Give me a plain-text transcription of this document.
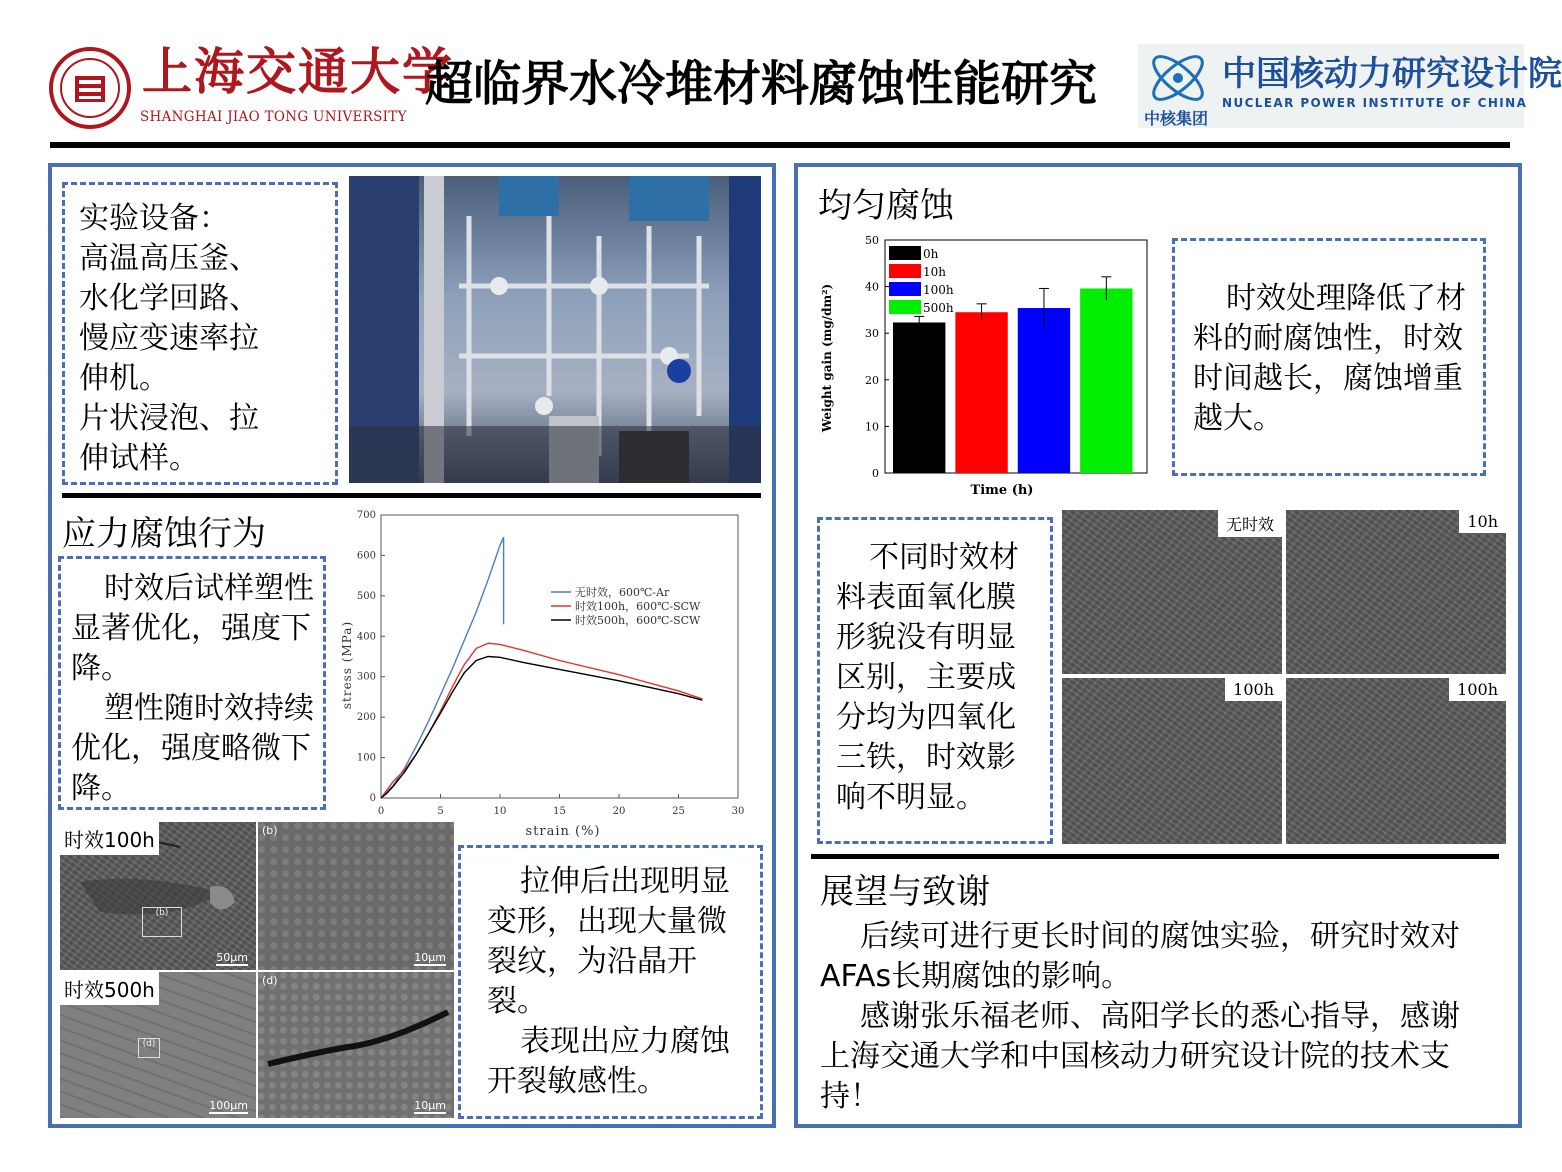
上海交通大学
SHANGHAI JIAO TONG UNIVERSITY
超临界水冷堆材料腐蚀性能研究
中核集团
中国核动力研究设计院
NUCLEAR POWER INSTITUTE OF CHINA
实验设备：
高温高压釜、
水化学回路、
慢应变速率拉
伸机。
片状浸泡、拉
伸试样。
应力腐蚀行为
时效后试样塑性显著优化，强度下降。
塑性随时效持续优化，强度略微下降。
0	5	10	15	20	25	30
0
100
200
300
400
500
600
700
无时效，600℃-Ar
时效100h，600℃-SCW
时效500h，600℃-SCW
strain (%)
stress (MPa)
时效100h
(b)
50μm
(b)
10μm
时效500h
(d)
100μm
(d)
10μm
拉伸后出现明显变形，出现大量微裂纹，为沿晶开裂。
表现出应力腐蚀开裂敏感性。
均匀腐蚀
0
10
20
30
40
50
0h
10h
100h
500h
Time (h)
Weight gain (mg/dm²)	时效处理降低了材料的耐腐蚀性，时效时间越长，腐蚀增重越大。
不同时效材料表面氧化膜形貌没有明显区别，主要成分均为四氧化三铁，时效影响不明显。
无时效	10h
100h	100h
展望与致谢
后续可进行更长时间的腐蚀实验，研究时效对AFAs长期腐蚀的影响。
感谢张乐福老师、高阳学长的悉心指导，感谢上海交通大学和中国核动力研究设计院的技术支持！
